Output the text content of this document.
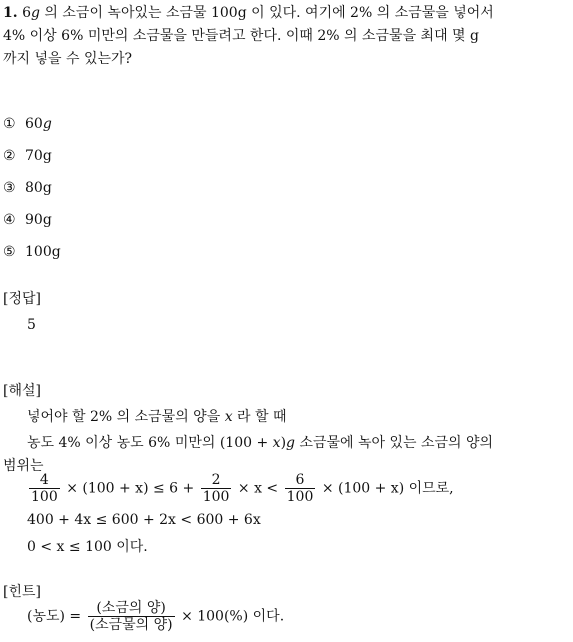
1. 6g 의 소금이 녹아있는 소금물 100g 이 있다. 여기에 2% 의 소금물을 넣어서
4% 이상 6% 미만의 소금물을 만들려고 한다. 이때 2% 의 소금물을 최대 몇 g
까지 넣을 수 있는가?
① 60g
② 70g
③ 80g
④ 90g
⑤ 100g
[정답]
5
[해설]
넣어야 할 2% 의 소금물의 양을 x 라 할 때
농도 4% 이상 농도 6% 미만의 (100 + x)g 소금물에 녹아 있는 소금의 양의
범위는
$\frac{4}{100} \times (100 + x) \le 6 + \frac{2}{100} \times x < \frac{6}{100} \times (100 + x)$ 이므로,
400 + 4x ≤ 600 + 2x < 600 + 6x
0 < x ≤ 100 이다.
[힌트]
(농도) = $\frac{\text{(소금의 양)}}{\text{(소금물의 양)}} \times 100(\%)$ 이다.
